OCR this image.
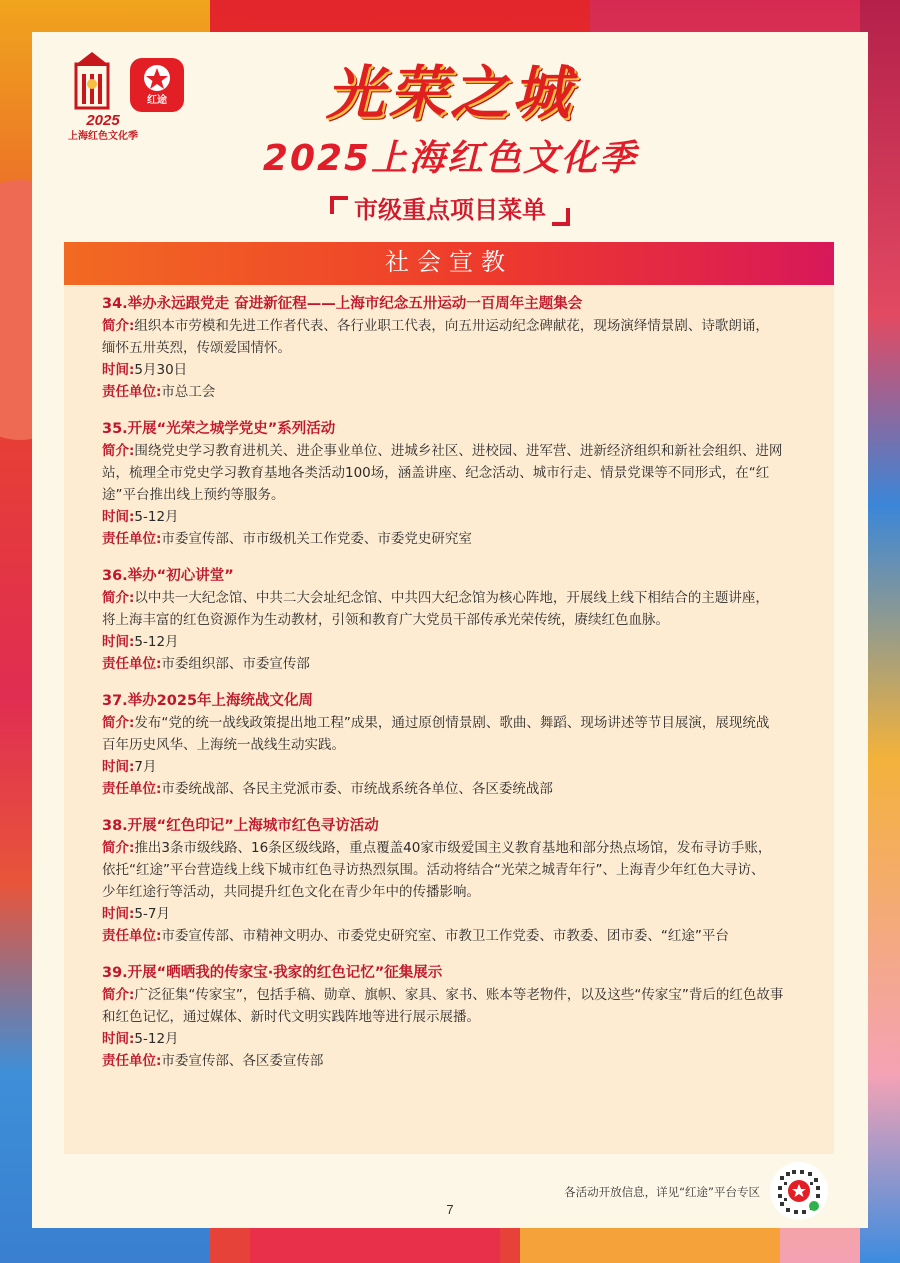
2025
上海红色文化季
红途	光荣之城
2025上海红色文化季
市级重点项目菜单
社会宣教
34.举办永远跟党走 奋进新征程——上海市纪念五卅运动一百周年主题集会
简介:组织本市劳模和先进工作者代表、各行业职工代表，向五卅运动纪念碑献花，现场演绎情景剧、诗歌朗诵，
缅怀五卅英烈，传颂爱国情怀。
时间:5月30日
责任单位:市总工会
35.开展“光荣之城学党史”系列活动
简介:围绕党史学习教育进机关、进企事业单位、进城乡社区、进校园、进军营、进新经济组织和新社会组织、进网
站，梳理全市党史学习教育基地各类活动100场，涵盖讲座、纪念活动、城市行走、情景党课等不同形式，在“红
途”平台推出线上预约等服务。
时间:5-12月
责任单位:市委宣传部、市市级机关工作党委、市委党史研究室
36.举办“初心讲堂”
简介:以中共一大纪念馆、中共二大会址纪念馆、中共四大纪念馆为核心阵地，开展线上线下相结合的主题讲座，
将上海丰富的红色资源作为生动教材，引领和教育广大党员干部传承光荣传统，赓续红色血脉。
时间:5-12月
责任单位:市委组织部、市委宣传部
37.举办2025年上海统战文化周
简介:发布“党的统一战线政策提出地工程”成果，通过原创情景剧、歌曲、舞蹈、现场讲述等节目展演，展现统战
百年历史风华、上海统一战线生动实践。
时间:7月
责任单位:市委统战部、各民主党派市委、市统战系统各单位、各区委统战部
38.开展“红色印记”上海城市红色寻访活动
简介:推出3条市级线路、16条区级线路，重点覆盖40家市级爱国主义教育基地和部分热点场馆，发布寻访手账，
依托“红途”平台营造线上线下城市红色寻访热烈氛围。活动将结合“光荣之城青年行”、上海青少年红色大寻访、
少年红途行等活动，共同提升红色文化在青少年中的传播影响。
时间:5-7月
责任单位:市委宣传部、市精神文明办、市委党史研究室、市教卫工作党委、市教委、团市委、“红途”平台
39.开展“晒晒我的传家宝·我家的红色记忆”征集展示
简介:广泛征集“传家宝”，包括手稿、勋章、旗帜、家具、家书、账本等老物件，以及这些“传家宝”背后的红色故事
和红色记忆，通过媒体、新时代文明实践阵地等进行展示展播。
时间:5-12月
责任单位:市委宣传部、各区委宣传部
各活动开放信息，详见“红途”平台专区
7
